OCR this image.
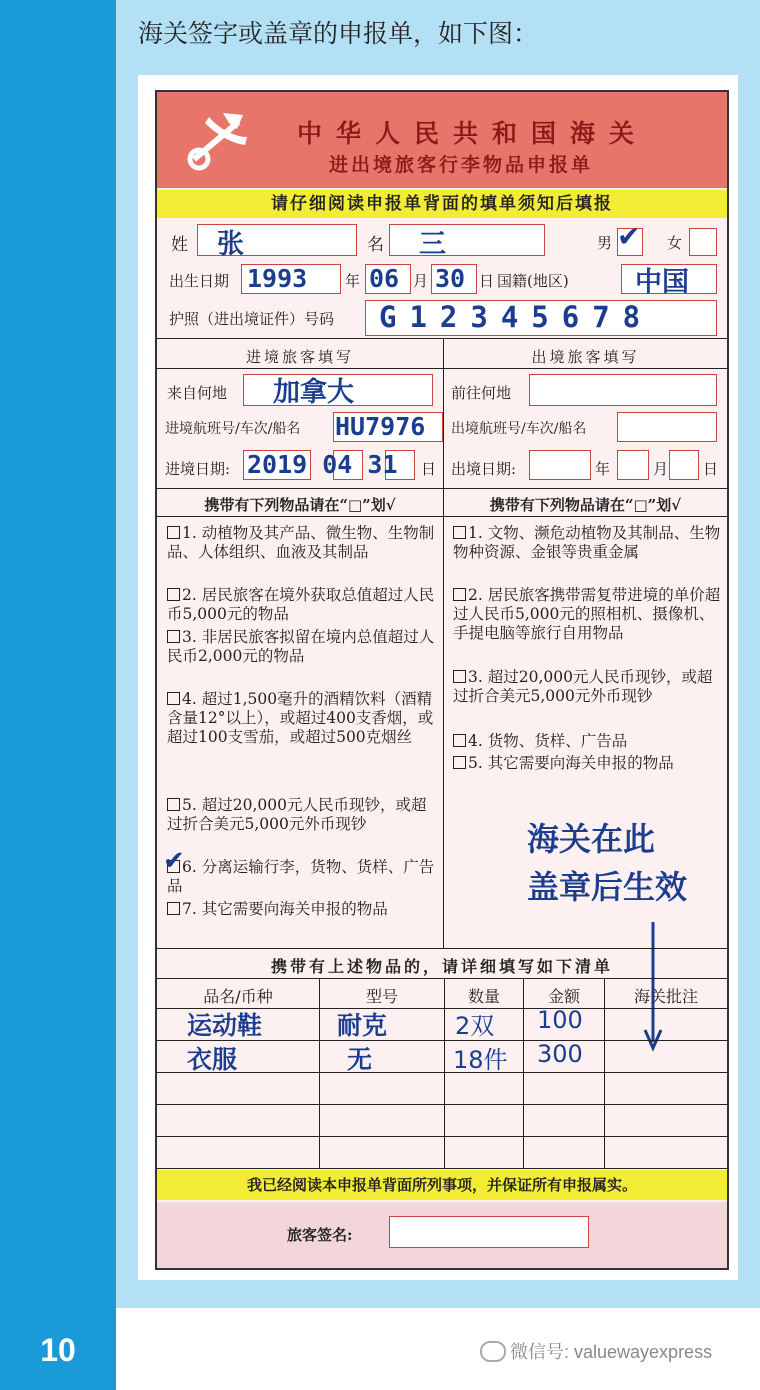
10
海关签字或盖章的申报单，如下图：
微信号: valuewayexpress
中华人民共和国海关
进出境旅客行李物品申报单
请仔细阅读申报单背面的填单须知后填报
姓 张	名 三	男 ✔ 女
出生日期 1993	年 06 月 30 日 国籍(地区) 中国
护照（进出境证件）号码 G12345678
进境旅客填写	出境旅客填写
来自何地 加拿大	前往何地
进境航班号/车次/船名 HU7976 出境航班号/车次/船名
进境日期: 2019 04 31 日 出境日期:	年	月 日
携带有下列物品请在“□”划√	携带有下列物品请在“□”划√
1. 动植物及其产品、微生物、生物制品、人体组织、血液及其制品
2. 居民旅客在境外获取总值超过人民币5,000元的物品
3. 非居民旅客拟留在境内总值超过人民币2,000元的物品
4. 超过1,500毫升的酒精饮料（酒精含量12°以上），或超过400支香烟，或超过100支雪茄，或超过500克烟丝
5. 超过20,000元人民币现钞，或超过折合美元5,000元外币现钞
6. 分离运输行李，货物、货样、广告品
✔
7. 其它需要向海关申报的物品
1. 文物、濒危动植物及其制品、生物物种资源、金银等贵重金属
2. 居民旅客携带需复带进境的单价超过人民币5,000元的照相机、摄像机、手提电脑等旅行自用物品
3. 超过20,000元人民币现钞，或超过折合美元5,000元外币现钞
4. 货物、货样、广告品
5. 其它需要向海关申报的物品
海关在此
盖章后生效
携带有上述物品的，请详细填写如下清单
品名/币种	型号	数量	金额	海关批注
运动鞋	耐克	2双 100
衣服	无	18件 300
我已经阅读本申报单背面所列事项，并保证所有申报属实。
旅客签名:
